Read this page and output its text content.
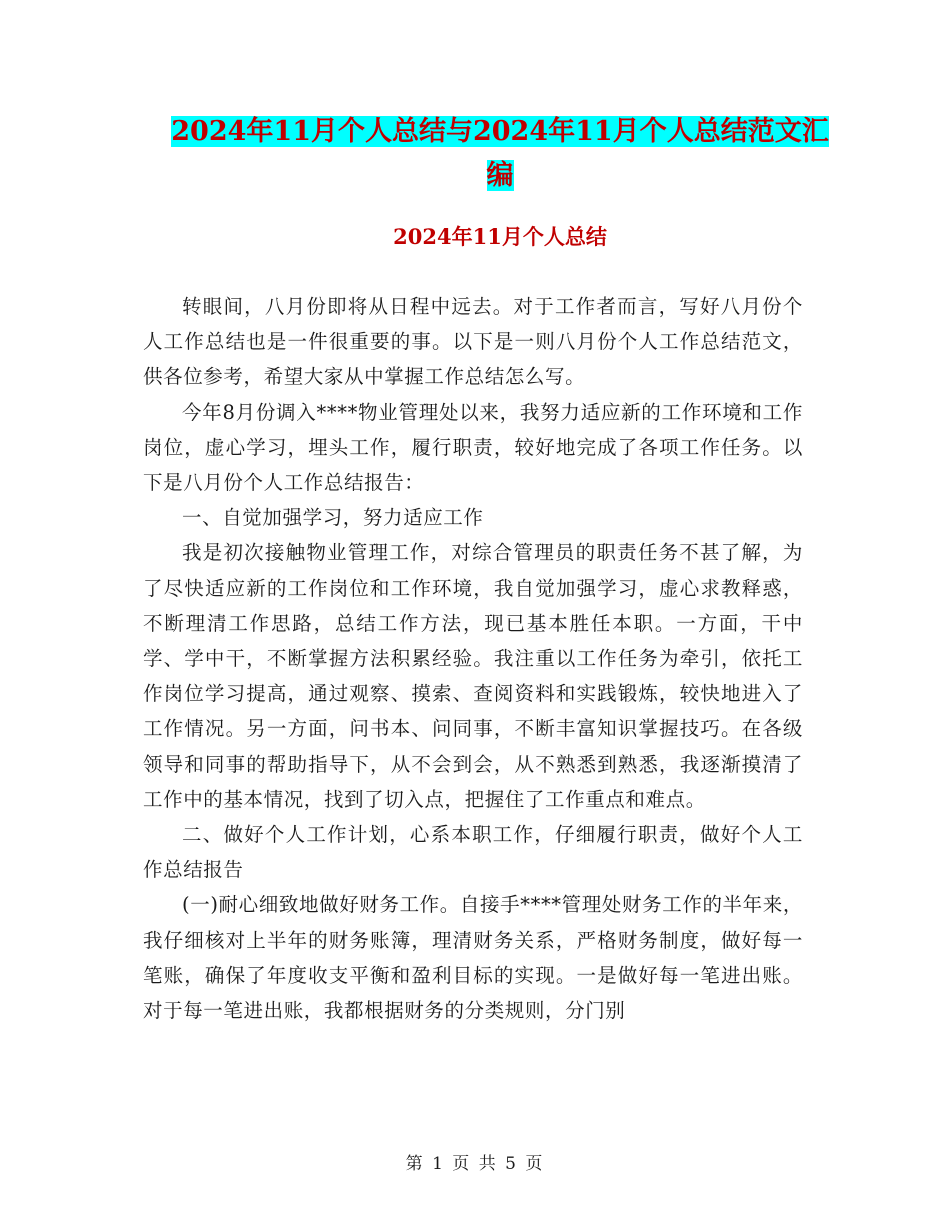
2024年11月个人总结与2024年11月个人总结范文汇
编
2024年11月个人总结

转眼间，八月份即将从日程中远去。对于工作者而言，写好八月份个人工作总结也是一件很重要的事。以下是一则八月份个人工作总结范文，供各位参考，希望大家从中掌握工作总结怎么写。

今年8月份调入****物业管理处以来，我努力适应新的工作环境和工作岗位，虚心学习，埋头工作，履行职责，较好地完成了各项工作任务。以下是八月份个人工作总结报告：

一、自觉加强学习，努力适应工作

我是初次接触物业管理工作，对综合管理员的职责任务不甚了解，为了尽快适应新的工作岗位和工作环境，我自觉加强学习，虚心求教释惑，不断理清工作思路，总结工作方法，现已基本胜任本职。一方面，干中学、学中干，不断掌握方法积累经验。我注重以工作任务为牵引，依托工作岗位学习提高，通过观察、摸索、查阅资料和实践锻炼，较快地进入了工作情况。另一方面，问书本、问同事，不断丰富知识掌握技巧。在各级领导和同事的帮助指导下，从不会到会，从不熟悉到熟悉，我逐渐摸清了工作中的基本情况，找到了切入点，把握住了工作重点和难点。

二、做好个人工作计划，心系本职工作，仔细履行职责，做好个人工作总结报告

(一)耐心细致地做好财务工作。自接手****管理处财务工作的半年来，我仔细核对上半年的财务账簿，理清财务关系，严格财务制度，做好每一笔账，确保了年度收支平衡和盈利目标的实现。一是做好每一笔进出账。对于每一笔进出账，我都根据财务的分类规则，分门别

第 1 页 共 5 页
